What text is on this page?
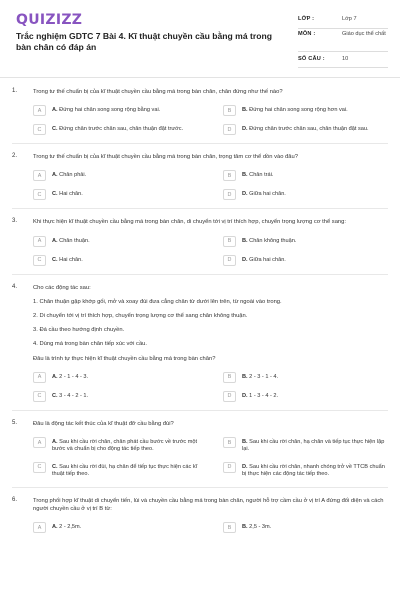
QUIZIZZ
Trắc nghiệm GDTC 7 Bài 4. Kĩ thuật chuyền cầu bằng má trong bàn chân có đáp án
LỚP :	Lớp 7
MÔN :	Giáo dục thể chất
SỐ CÂU :	10
1.	Trong tư thế chuẩn bị của kĩ thuật chuyền cầu bằng má trong bàn chân, chân đứng như thế nào?
A	A. Đứng hai chân song song rộng bằng vai.	B	B. Đứng hai chân song song rộng hơn vai.
C	C. Đứng chân trước chân sau, chân thuận đặt trước.	D	D. Đứng chân trước chân sau, chân thuận đặt sau.
2.	Trong tư thế chuẩn bị của kĩ thuật chuyền cầu bằng má trong bàn chân, trọng tâm cơ thể dồn vào đâu?
A	A. Chân phải.	B	B. Chân trái.
C	C. Hai chân.	D	D. Giữa hai chân.
3.	Khi thực hiện kĩ thuật chuyền cầu bằng má trong bàn chân, di chuyển tới vị trí thích hợp, chuyển trọng lượng cơ thể sang:
A	A. Chân thuận.	B	B. Chân không thuận.
C	C. Hai chân.	D	D. Giữa hai chân.
4.	Cho các động tác sau:
1. Chân thuận gập khớp gối, mở và xoay đùi đưa cẳng chân từ dưới lên trên, từ ngoài vào trong.
2. Di chuyển tới vị trí thích hợp, chuyển trọng lượng cơ thể sang chân không thuận.
3. Đá cầu theo hướng định chuyền.
4. Dùng má trong bàn chân tiếp xúc với cầu.
Đâu là trình tự thực hiện kĩ thuật chuyền cầu bằng má trong bàn chân?
A	A. 2 - 1 - 4 - 3.	B	B. 2 - 3 - 1 - 4.
C	C. 3 - 4 - 2 - 1.	D	D. 1 - 3 - 4 - 2.
5.	Đâu là động tác kết thúc của kĩ thuật đỡ cầu bằng đùi?
A	A. Sau khi cầu rời chân, chân phát cầu bước về trước một bước và chuẩn bị cho động tác tiếp theo.
B	B. Sau khi cầu rời chân, hạ chân và tiếp tục thực hiện lặp lại.
C	C. Sau khi cầu rời đùi, hạ chân để tiếp tục thực hiện các kĩ thuật tiếp theo.
D	D. Sau khi cầu rời chân, nhanh chóng trở về TTCB chuẩn bị thực hiện các động tác tiếp theo.
6.	Trong phối hợp kĩ thuật di chuyển tiến, lùi và chuyền cầu bằng má trong bàn chân, người hỗ trợ cầm cầu ở vị trí A đứng đối diện và cách người chuyền cầu ở vị trí B từ:
A	A. 2 - 2,5m.	B	B. 2,5 - 3m.
